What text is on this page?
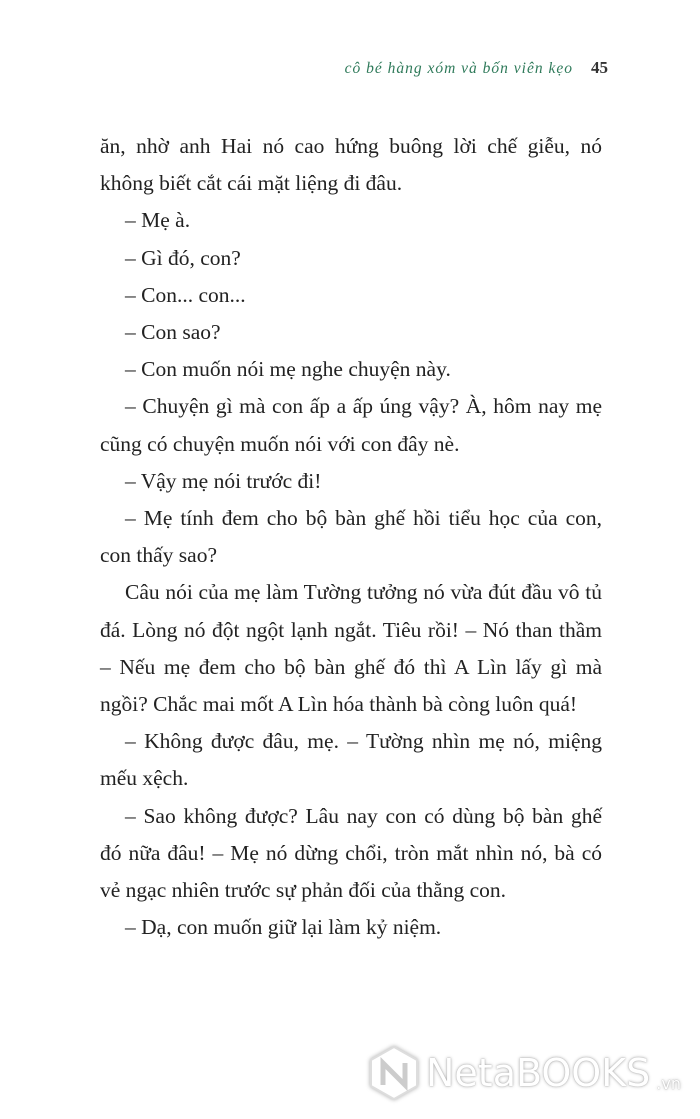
cô bé hàng xóm và bốn viên kẹo 45

ăn, nhờ anh Hai nó cao hứng buông lời chế giễu, nó không biết cắt cái mặt liệng đi đâu.

– Mẹ à.

– Gì đó, con?

– Con... con...

– Con sao?

– Con muốn nói mẹ nghe chuyện này.

– Chuyện gì mà con ấp a ấp úng vậy? À, hôm nay mẹ cũng có chuyện muốn nói với con đây nè.

– Vậy mẹ nói trước đi!

– Mẹ tính đem cho bộ bàn ghế hồi tiểu học của con, con thấy sao?

Câu nói của mẹ làm Tường tưởng nó vừa đút đầu vô tủ đá. Lòng nó đột ngột lạnh ngắt. Tiêu rồi! – Nó than thầm – Nếu mẹ đem cho bộ bàn ghế đó thì A Lìn lấy gì mà ngồi? Chắc mai mốt A Lìn hóa thành bà còng luôn quá!

– Không được đâu, mẹ. – Tường nhìn mẹ nó, miệng mếu xệch.

– Sao không được? Lâu nay con có dùng bộ bàn ghế đó nữa đâu! – Mẹ nó dừng chổi, tròn mắt nhìn nó, bà có vẻ ngạc nhiên trước sự phản đối của thằng con.

– Dạ, con muốn giữ lại làm kỷ niệm.

NetaBOOKS .vn
